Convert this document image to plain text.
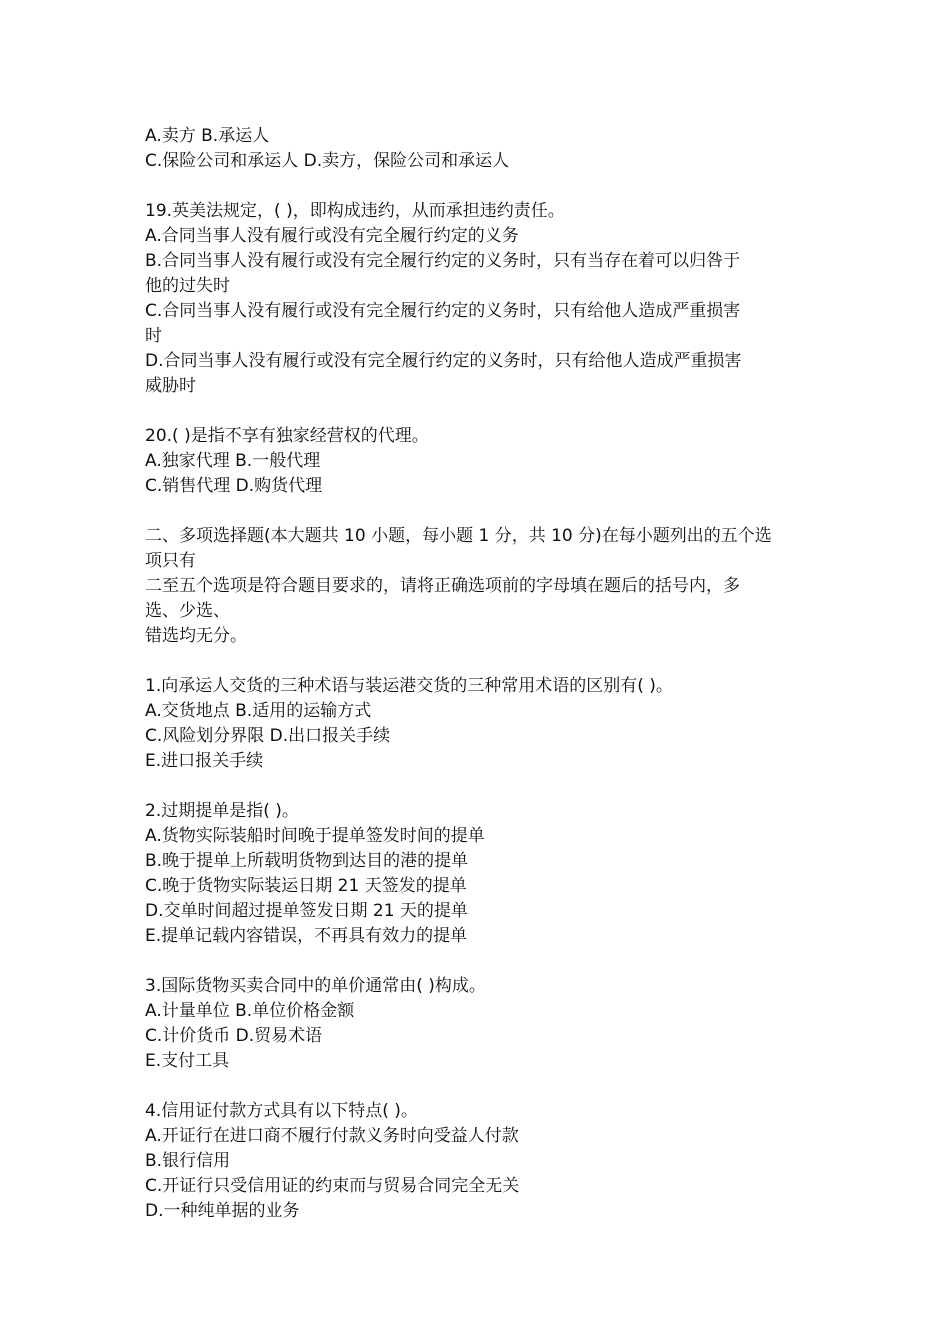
A.卖方 B.承运人

C.保险公司和承运人 D.卖方，保险公司和承运人

19.英美法规定，( )，即构成违约，从而承担违约责任。

A.合同当事人没有履行或没有完全履行约定的义务

B.合同当事人没有履行或没有完全履行约定的义务时，只有当存在着可以归咎于

他的过失时

C.合同当事人没有履行或没有完全履行约定的义务时，只有给他人造成严重损害

时

D.合同当事人没有履行或没有完全履行约定的义务时，只有给他人造成严重损害

威胁时

20.( )是指不享有独家经营权的代理。

A.独家代理 B.一般代理

C.销售代理 D.购货代理

二、多项选择题(本大题共 10 小题，每小题 1 分，共 10 分)在每小题列出的五个选

项只有

二至五个选项是符合题目要求的，请将正确选项前的字母填在题后的括号内，多

选、少选、

错选均无分。

1.向承运人交货的三种术语与装运港交货的三种常用术语的区别有( )。

A.交货地点 B.适用的运输方式

C.风险划分界限 D.出口报关手续

E.进口报关手续

2.过期提单是指( )。

A.货物实际装船时间晚于提单签发时间的提单

B.晚于提单上所载明货物到达目的港的提单

C.晚于货物实际装运日期 21 天签发的提单

D.交单时间超过提单签发日期 21 天的提单

E.提单记载内容错误，不再具有效力的提单

3.国际货物买卖合同中的单价通常由( )构成。

A.计量单位 B.单位价格金额

C.计价货币 D.贸易术语

E.支付工具

4.信用证付款方式具有以下特点( )。

A.开证行在进口商不履行付款义务时向受益人付款

B.银行信用

C.开证行只受信用证的约束而与贸易合同完全无关

D.一种纯单据的业务
